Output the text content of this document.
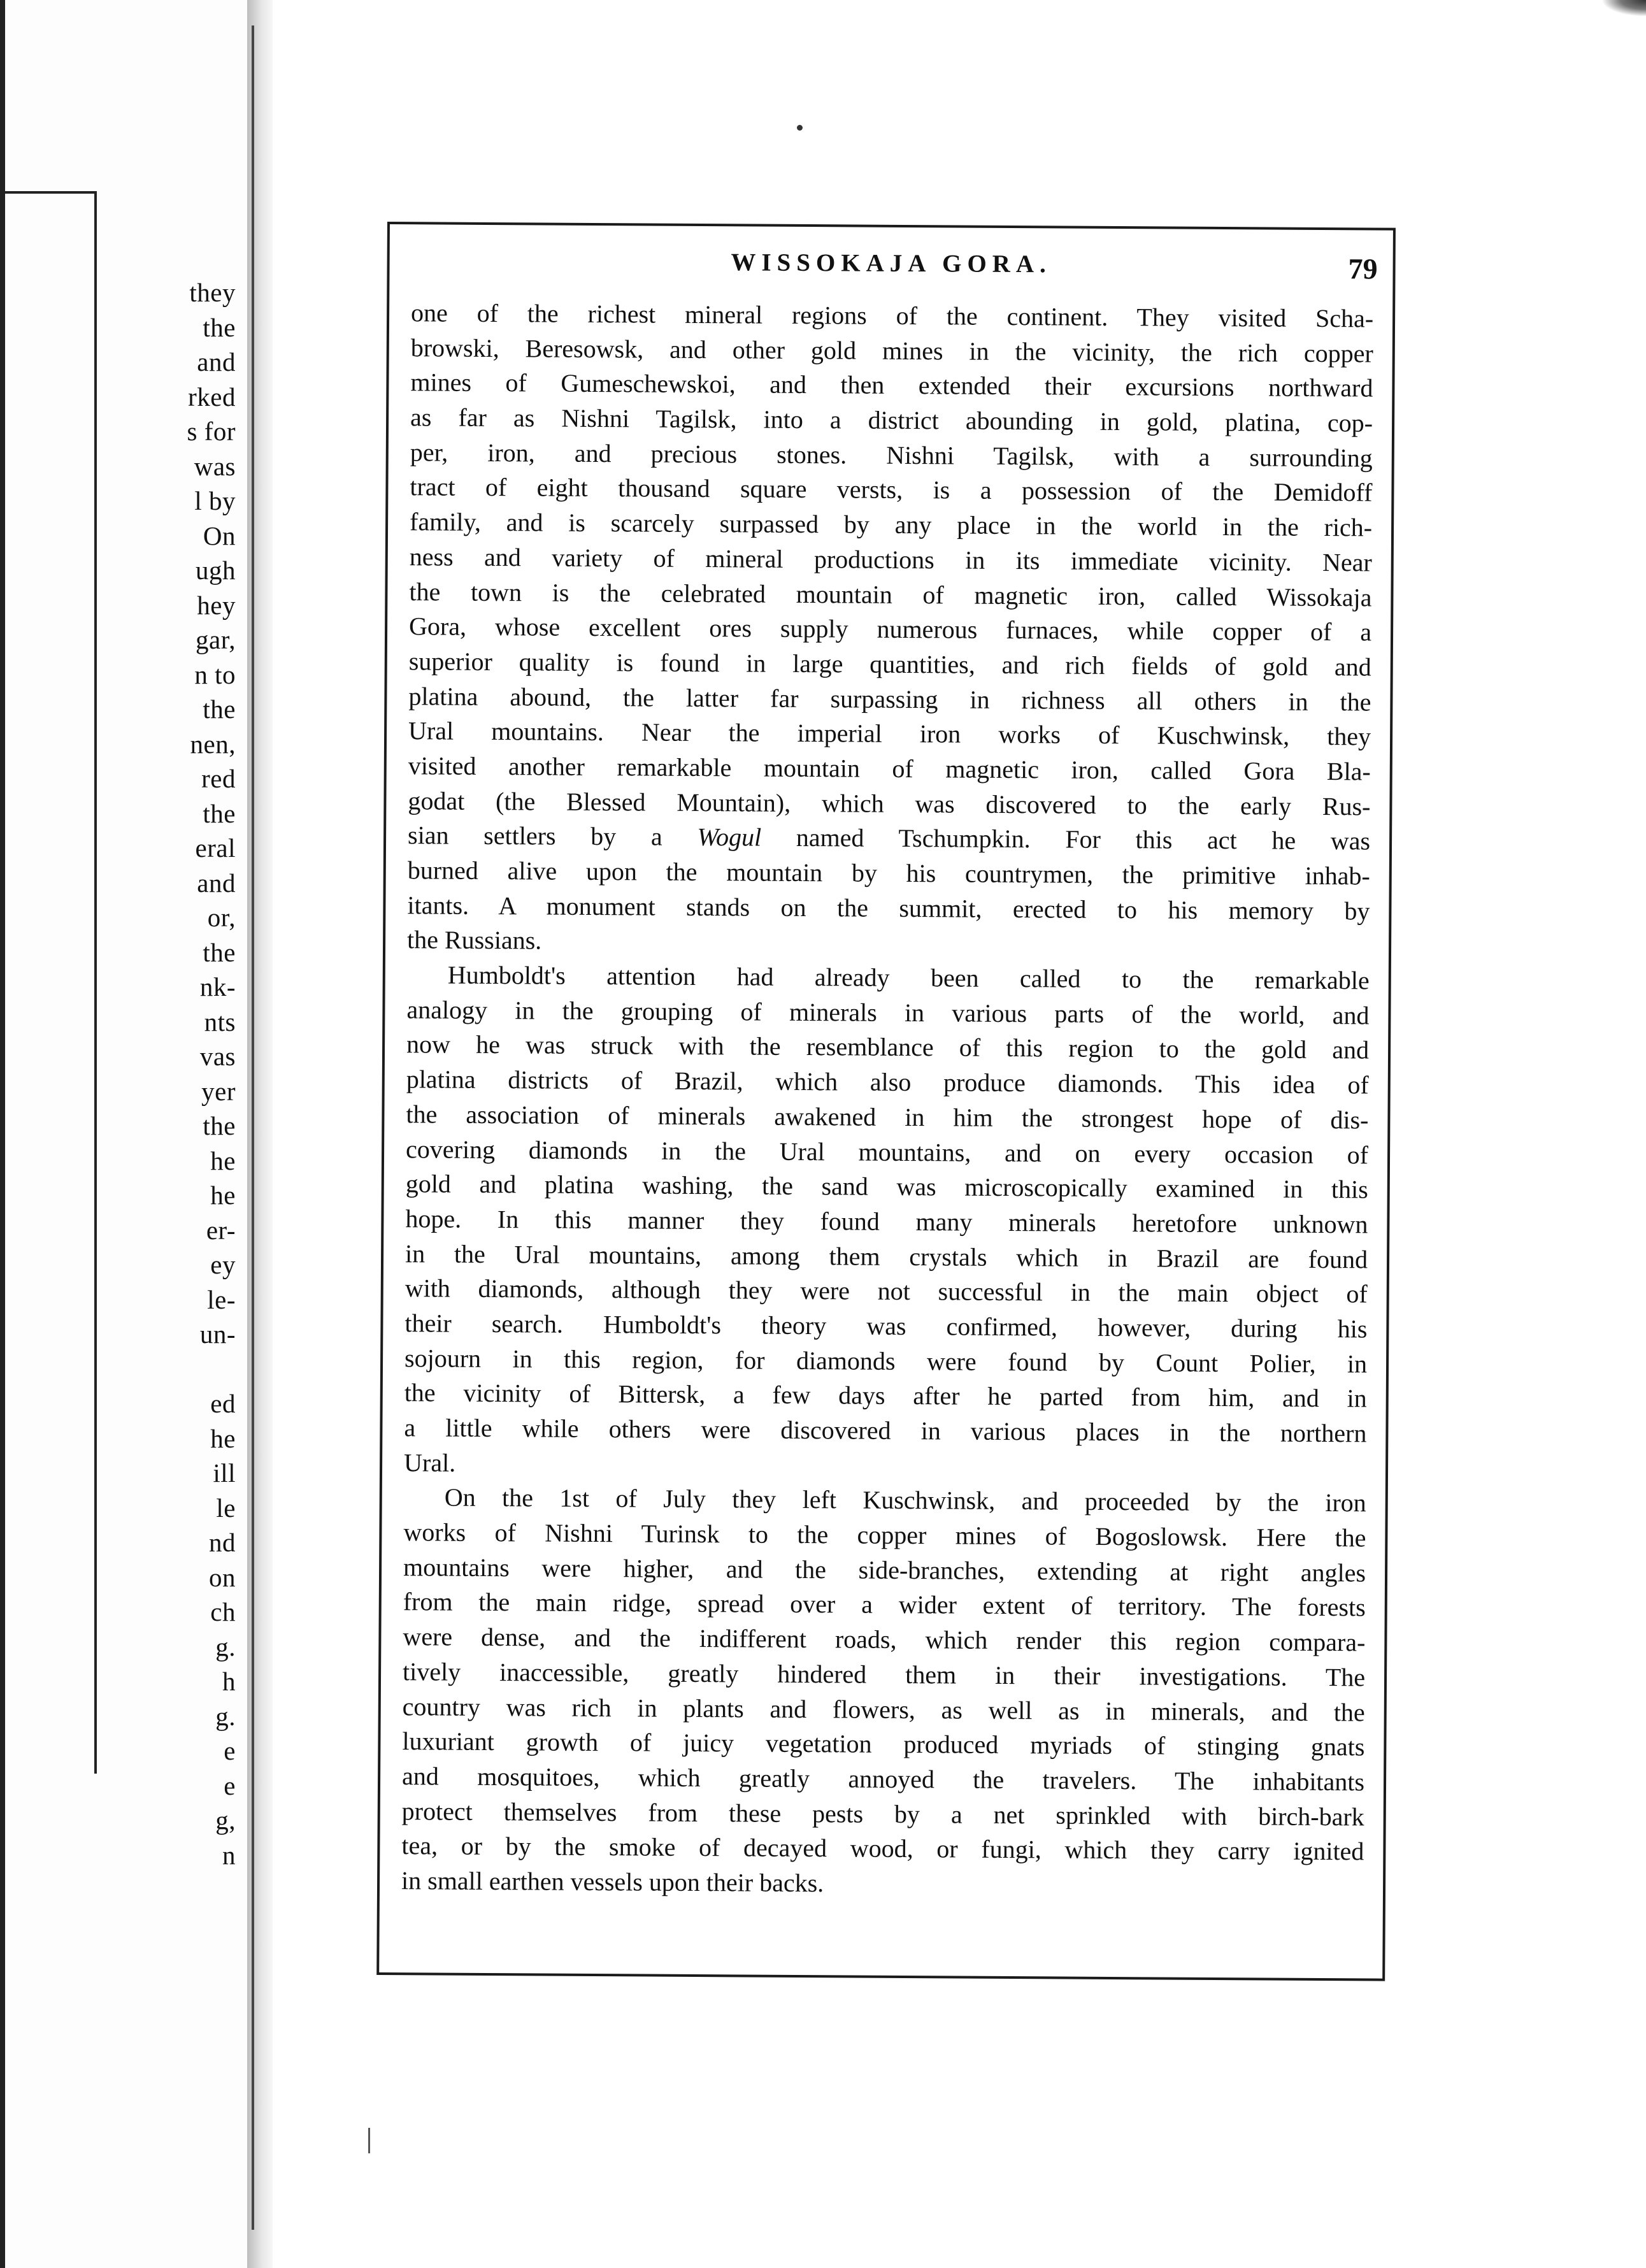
they
the
and
rked
s for
was
l by
On
ugh
hey
gar,
n to
the
nen,
red
the
eral
and
or,
the
nk-
nts
vas
yer
the
he
he
er-
ey
le-
un-
ed
he
ill
le
nd
on
ch
g.
h
g.
e
e
g,
n
WISSOKAJA GORA.	79
one of the richest mineral regions of the continent. They visited Scha-
browski, Beresowsk, and other gold mines in the vicinity, the rich copper
mines of Gumeschewskoi, and then extended their excursions northward
as far as Nishni Tagilsk, into a district abounding in gold, platina, cop-
per, iron, and precious stones. Nishni Tagilsk, with a surrounding
tract of eight thousand square versts, is a possession of the Demidoff
family, and is scarcely surpassed by any place in the world in the rich-
ness and variety of mineral productions in its immediate vicinity. Near
the town is the celebrated mountain of magnetic iron, called Wissokaja
Gora, whose excellent ores supply numerous furnaces, while copper of a
superior quality is found in large quantities, and rich fields of gold and
platina abound, the latter far surpassing in richness all others in the
Ural mountains. Near the imperial iron works of Kuschwinsk, they
visited another remarkable mountain of magnetic iron, called Gora Bla-
godat (the Blessed Mountain), which was discovered to the early Rus-
sian settlers by a Wogul named Tschumpkin. For this act he was
burned alive upon the mountain by his countrymen, the primitive inhab-
itants. A monument stands on the summit, erected to his memory by
the Russians.
Humboldt's attention had already been called to the remarkable
analogy in the grouping of minerals in various parts of the world, and
now he was struck with the resemblance of this region to the gold and
platina districts of Brazil, which also produce diamonds. This idea of
the association of minerals awakened in him the strongest hope of dis-
covering diamonds in the Ural mountains, and on every occasion of
gold and platina washing, the sand was microscopically examined in this
hope. In this manner they found many minerals heretofore unknown
in the Ural mountains, among them crystals which in Brazil are found
with diamonds, although they were not successful in the main object of
their search. Humboldt's theory was confirmed, however, during his
sojourn in this region, for diamonds were found by Count Polier, in
the vicinity of Bittersk, a few days after he parted from him, and in
a little while others were discovered in various places in the northern
Ural.
On the 1st of July they left Kuschwinsk, and proceeded by the iron
works of Nishni Turinsk to the copper mines of Bogoslowsk. Here the
mountains were higher, and the side-branches, extending at right angles
from the main ridge, spread over a wider extent of territory. The forests
were dense, and the indifferent roads, which render this region compara-
tively inaccessible, greatly hindered them in their investigations. The
country was rich in plants and flowers, as well as in minerals, and the
luxuriant growth of juicy vegetation produced myriads of stinging gnats
and mosquitoes, which greatly annoyed the travelers. The inhabitants
protect themselves from these pests by a net sprinkled with birch-bark
tea, or by the smoke of decayed wood, or fungi, which they carry ignited
in small earthen vessels upon their backs.
